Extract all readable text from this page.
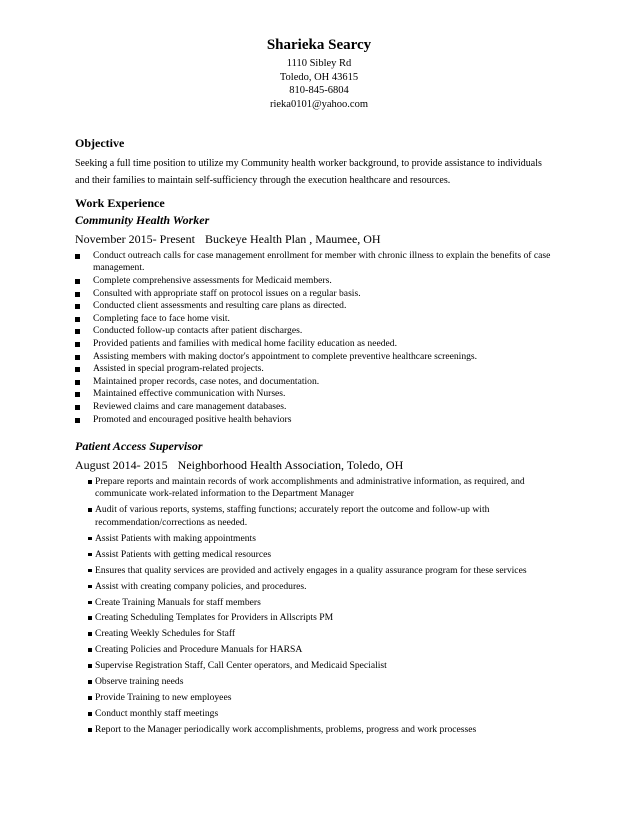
Sharieka Searcy
1110 Sibley Rd
Toledo, OH 43615
810-845-6804
rieka0101@yahoo.com
Objective
Seeking a full time position to utilize my Community health worker background, to provide assistance to individuals and their families to maintain self-sufficiency through the execution healthcare and resources.
Work Experience
Community Health Worker
November 2015- Present Buckeye Health Plan , Maumee, OH
Conduct outreach calls for case management enrollment for member with chronic illness to explain the benefits of case management.
Complete comprehensive assessments for Medicaid members.
Consulted with appropriate staff on protocol issues on a regular basis.
Conducted client assessments and resulting care plans as directed.
Completing face to face home visit.
Conducted follow-up contacts after patient discharges.
Provided patients and families with medical home facility education as needed.
Assisting members with making doctor's appointment to complete preventive healthcare screenings.
Assisted in special program-related projects.
Maintained proper records, case notes, and documentation.
Maintained effective communication with Nurses.
Reviewed claims and care management databases.
Promoted and encouraged positive health behaviors
Patient Access Supervisor
August 2014- 2015 Neighborhood Health Association, Toledo, OH
Prepare reports and maintain records of work accomplishments and administrative information, as required, and communicate work-related information to the Department Manager
Audit of various reports, systems, staffing functions; accurately report the outcome and follow-up with recommendation/corrections as needed.
Assist Patients with making appointments
Assist Patients with getting medical resources
Ensures that quality services are provided and actively engages in a quality assurance program for these services
Assist with creating company policies, and procedures.
Create Training Manuals for staff members
Creating Scheduling Templates for Providers in Allscripts PM
Creating Weekly Schedules for Staff
Creating Policies and Procedure Manuals for HARSA
Supervise Registration Staff, Call Center operators, and Medicaid Specialist
Observe training needs
Provide Training to new employees
Conduct monthly staff meetings
Report to the Manager periodically work accomplishments, problems, progress and work processes
